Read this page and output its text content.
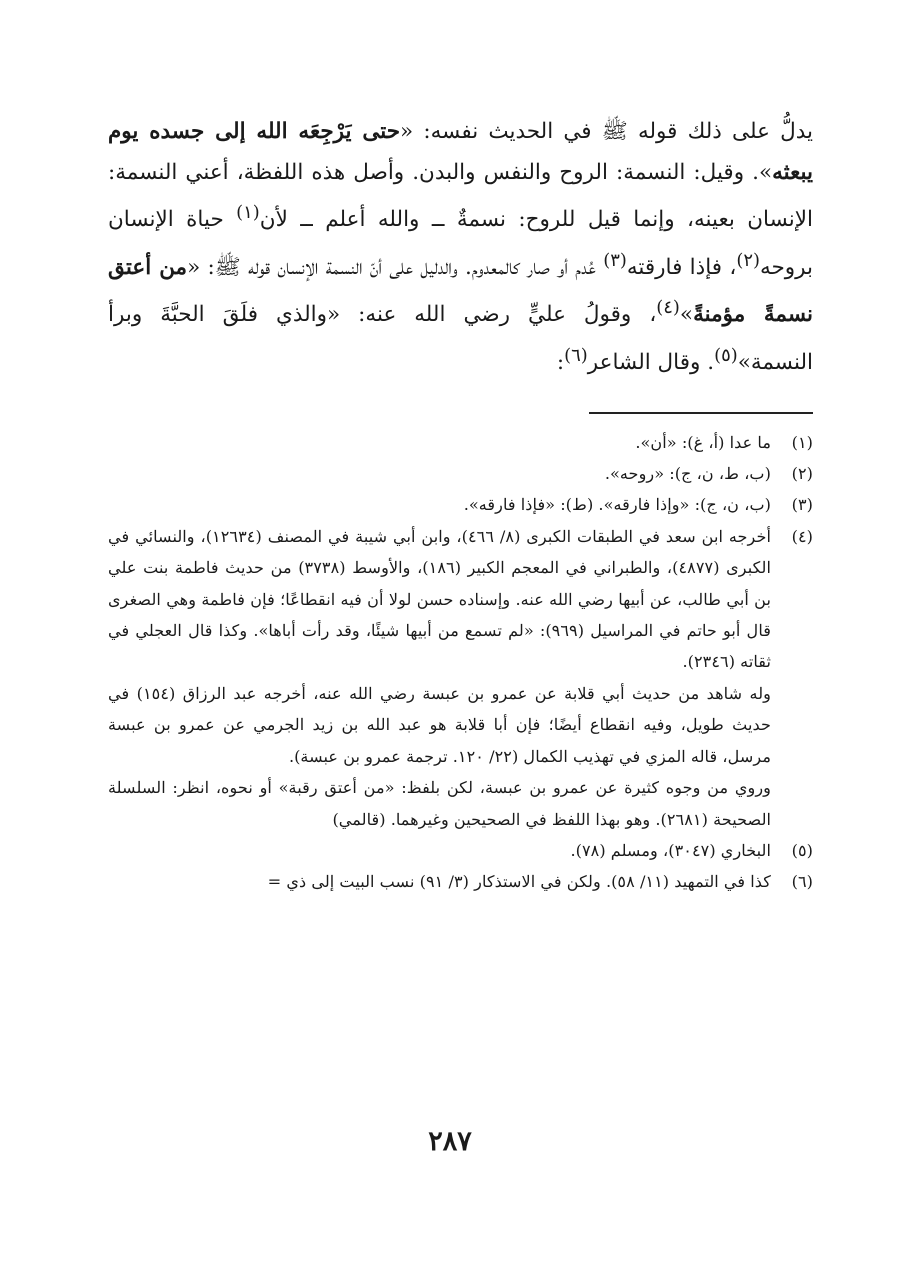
يدلُّ على ذلك قوله ﷺ في الحديث نفسه: «حتى يَرْجِعَه الله إلى جسده يوم يبعثه». وقيل: النسمة: الروح والنفس والبدن. وأصل هذه اللفظة، أعني النسمة: الإنسان بعينه، وإنما قيل للروح: نسمةٌ ــ والله أعلم ــ لأن$^{(١)}$ حياة الإنسان بروحه$^{(٢)}$، فإذا فارقته$^{(٣)}$ عُدم أو صار كالمعدوم. والدليل على أنّ النسمة الإنسان قوله ﷺ: «من أعتق نسمةً مؤمنةً»$^{(٤)}$، وقولُ عليٍّ رضي الله عنه: «والذي فلَقَ الحبَّةَ وبرأ النسمة»$^{(٥)}$. وقال الشاعر$^{(٦)}$:

(١)

ما عدا (أ، غ): «أن».

(٢)

(ب، ط، ن، ج): «روحه».

(٣)

(ب، ن، ج): «وإذا فارقه». (ط): «فإذا فارقه».

(٤)

أخرجه ابن سعد في الطبقات الكبرى (٨/ ٤٦٦)، وابن أبي شيبة في المصنف (١٢٦٣٤)، والنسائي في الكبرى (٤٨٧٧)، والطبراني في المعجم الكبير (١٨٦)، والأوسط (٣٧٣٨) من حديث فاطمة بنت علي بن أبي طالب، عن أبيها رضي الله عنه. وإسناده حسن لولا أن فيه انقطاعًا؛ فإن فاطمة وهي الصغرى قال أبو حاتم في المراسيل (٩٦٩): «لم تسمع من أبيها شيئًا، وقد رأت أباها». وكذا قال العجلي في ثقاته (٢٣٤٦).

وله شاهد من حديث أبي قلابة عن عمرو بن عبسة رضي الله عنه، أخرجه عبد الرزاق (١٥٤) في حديث طويل، وفيه انقطاع أيضًا؛ فإن أبا قلابة هو عبد الله بن زيد الجرمي عن عمرو بن عبسة مرسل، قاله المزي في تهذيب الكمال (٢٢/ ١٢٠. ترجمة عمرو بن عبسة).

وروي من وجوه كثيرة عن عمرو بن عبسة، لكن بلفظ: «من أعتق رقبة» أو نحوه، انظر: السلسلة الصحيحة (٢٦٨١). وهو بهذا اللفظ في الصحيحين وغيرهما. (قالمي)

(٥)

البخاري (٣٠٤٧)، ومسلم (٧٨).

(٦)

كذا في التمهيد (١١/ ٥٨). ولكن في الاستذكار (٣/ ٩١) نسب البيت إلى ذي =

٢٨٧
